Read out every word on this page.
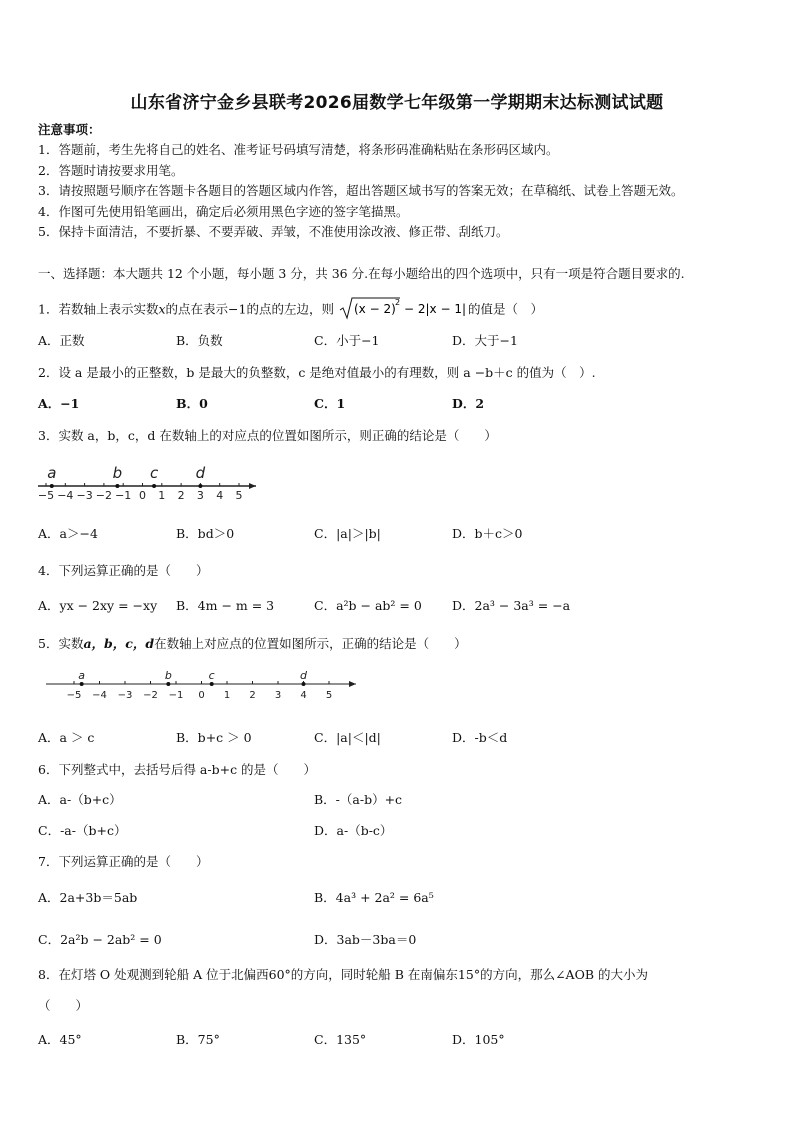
山东省济宁金乡县联考2026届数学七年级第一学期期末达标测试试题
注意事项：
1．答题前，考生先将自己的姓名、准考证号码填写清楚，将条形码准确粘贴在条形码区域内。
2．答题时请按要求用笔。
3．请按照题号顺序在答题卡各题目的答题区域内作答，超出答题区域书写的答案无效；在草稿纸、试卷上答题无效。
4．作图可先使用铅笔画出，确定后必须用黑色字迹的签字笔描黑。
5．保持卡面清洁，不要折暴、不要弄破、弄皱，不准使用涂改液、修正带、刮纸刀。
一、选择题：本大题共 12 个小题，每小题 3 分，共 36 分.在每小题给出的四个选项中，只有一项是符合题目要求的.
1．若数轴上表示实数x的点在表示−1的点的左边，则 (x − 2) 2 − 2|x − 1| 的值是（　）
A．正数	B．负数	C．小于−1	D．大于−1
2．设 a 是最小的正整数，b 是最大的负整数，c 是绝对值最小的有理数，则 a −b＋c 的值为（　）.
A．−1	B．0	C．1	D．2
3．实数 a，b，c，d 在数轴上的对应点的位置如图所示，则正确的结论是（　　）
−5 −4 −3 −2 −1 0 1 2 3 4 5
a	b c d
A．a＞−4	B．bd＞0	C．|a|＞|b|	D．b＋c＞0
4．下列运算正确的是（　　）
A．yx − 2xy = −xy B．4m − m = 3	C．a²b − ab² = 0 D．2a³ − 3a³ = −a
5．实数a，b，c，d在数轴上对应点的位置如图所示，正确的结论是（　　）
−5 −4 −3 −2 −1 0 1 2 3 4 5
a	b	c	d
A．a ＞ c	B．b+c ＞ 0	C．|a|＜|d|	D．-b＜d
6．下列整式中，去括号后得 a-b+c 的是（　　）
A．a-（b+c）	B．-（a-b）+c
C．-a-（b+c）	D．a-（b-c）
7．下列运算正确的是（　　）
A．2a+3b＝5ab	B．4a³ + 2a² = 6a⁵
C．2a²b − 2ab² = 0	D．3ab－3ba＝0
8．在灯塔 O 处观测到轮船 A 位于北偏西60°的方向，同时轮船 B 在南偏东15°的方向，那么∠AOB 的大小为
（　　）
A．45°	B．75°	C．135°	D．105°
